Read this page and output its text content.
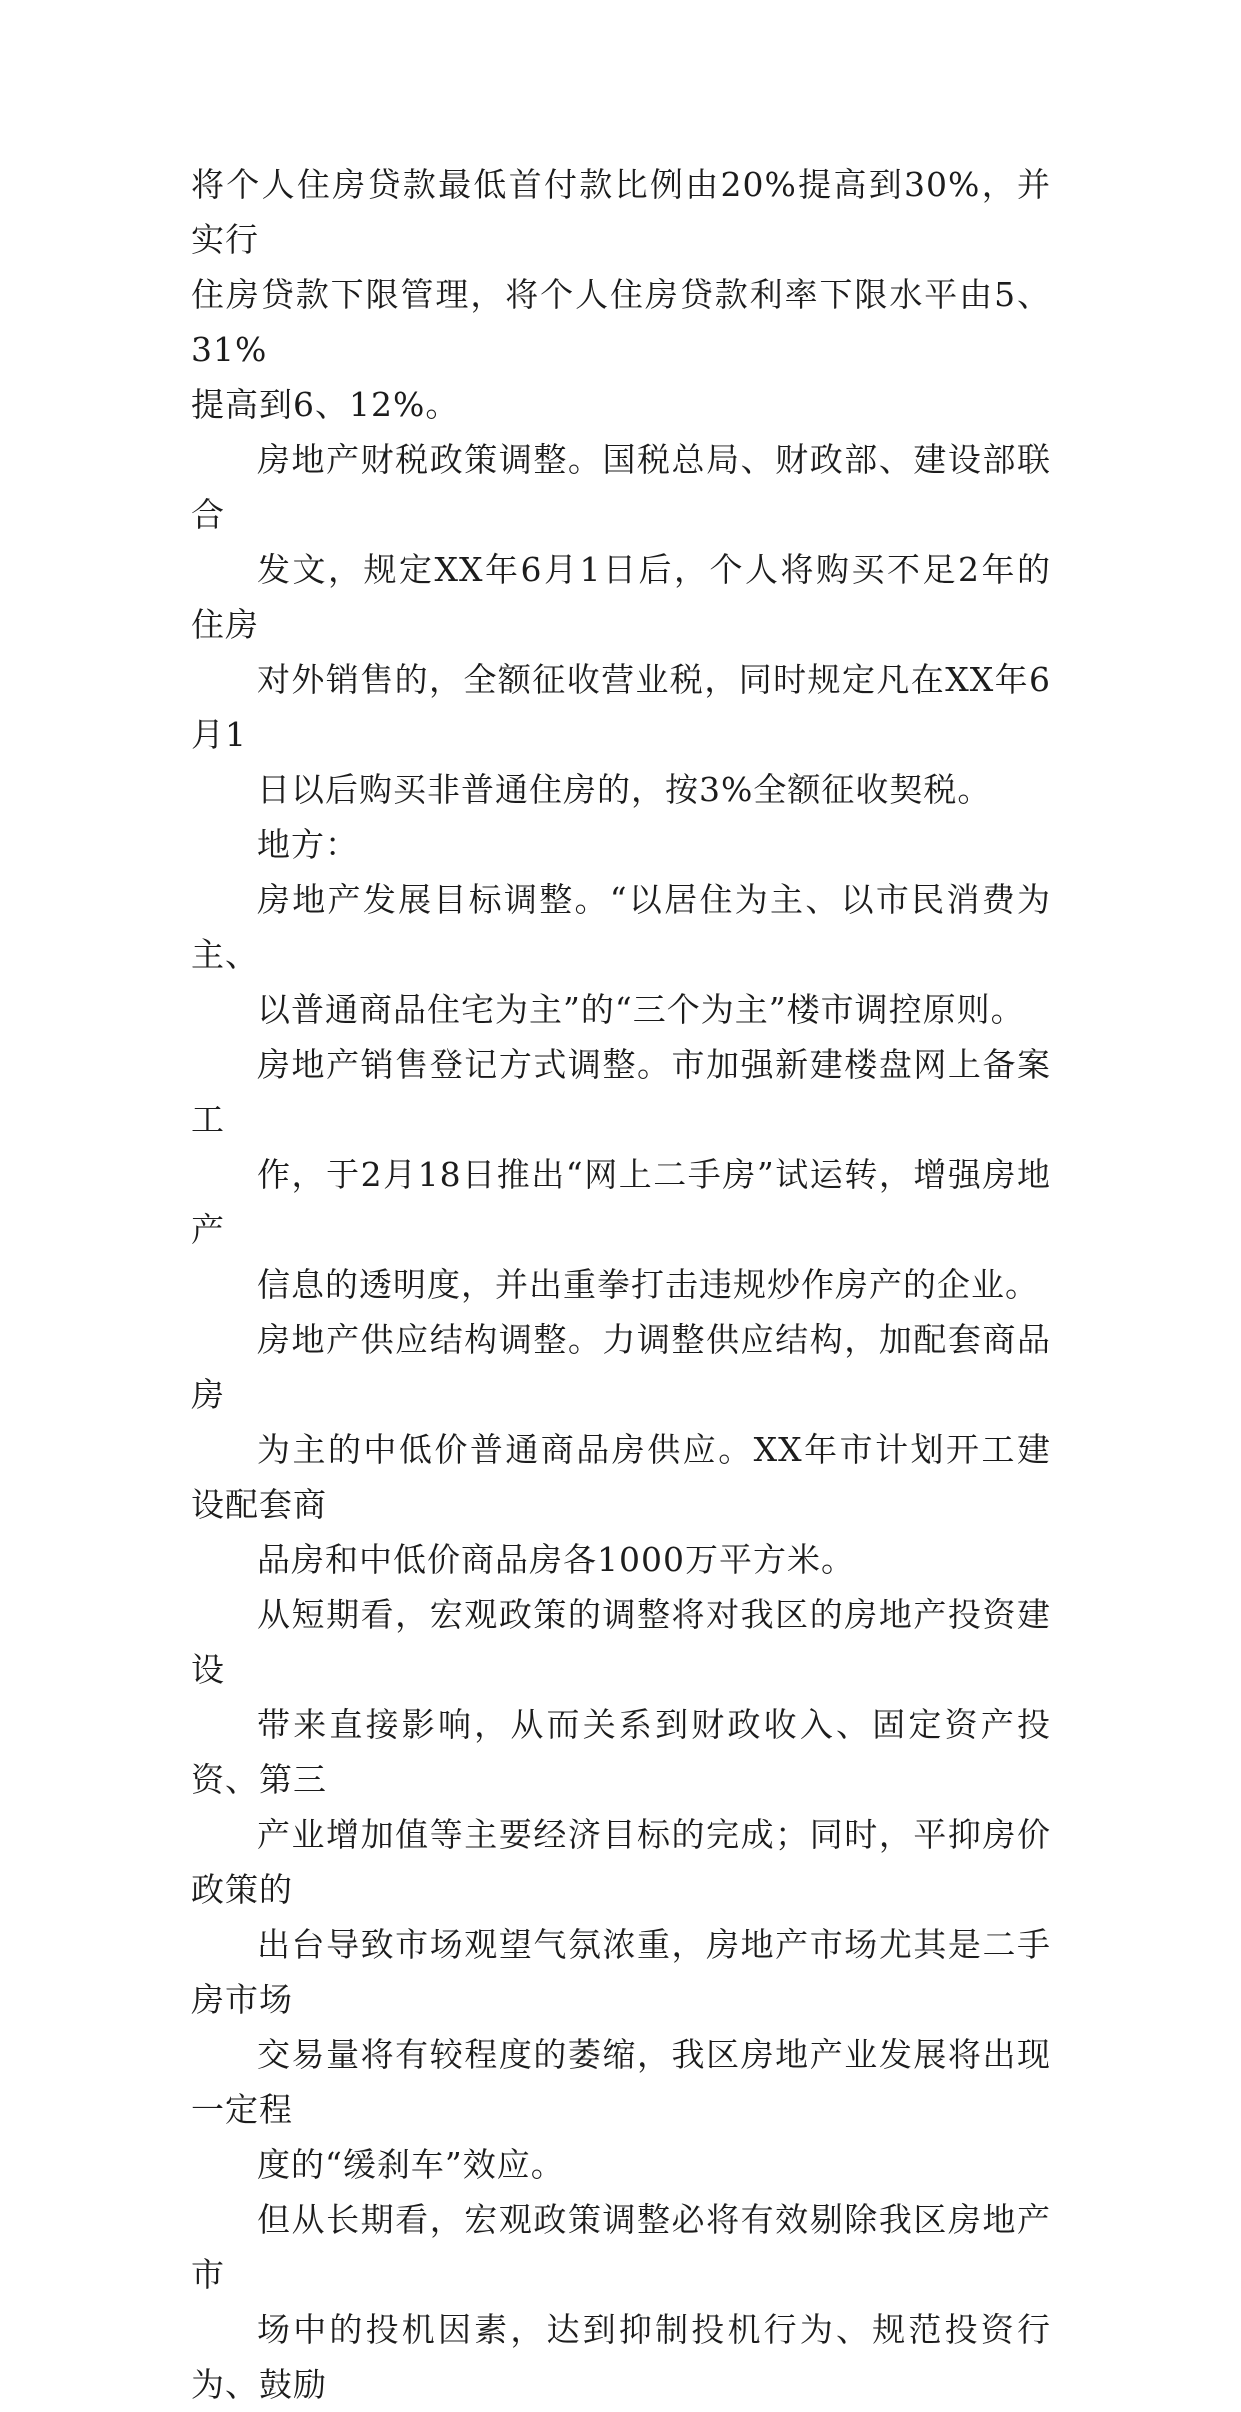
将个人住房贷款最低首付款比例由20%提高到30%，并实行
住房贷款下限管理，将个人住房贷款利率下限水平由5、31%
提高到6、12%。
房地产财税政策调整。国税总局、财政部、建设部联合
发文，规定XX年6月1日后，个人将购买不足2年的住房
对外销售的，全额征收营业税，同时规定凡在XX年6月1
日以后购买非普通住房的，按3%全额征收契税。
地方：
房地产发展目标调整。“以居住为主、以市民消费为主、
以普通商品住宅为主”的“三个为主”楼市调控原则。
房地产销售登记方式调整。市加强新建楼盘网上备案工
作，于2月18日推出“网上二手房”试运转，增强房地产
信息的透明度，并出重拳打击违规炒作房产的企业。
房地产供应结构调整。力调整供应结构，加配套商品房
为主的中低价普通商品房供应。XX年市计划开工建设配套商
品房和中低价商品房各1000万平方米。
从短期看，宏观政策的调整将对我区的房地产投资建设
带来直接影响，从而关系到财政收入、固定资产投资、第三
产业增加值等主要经济目标的完成；同时，平抑房价政策的
出台导致市场观望气氛浓重，房地产市场尤其是二手房市场
交易量将有较程度的萎缩，我区房地产业发展将出现一定程
度的“缓刹车”效应。
但从长期看，宏观政策调整必将有效剔除我区房地产市
场中的投机因素，达到抑制投机行为、规范投资行为、鼓励
